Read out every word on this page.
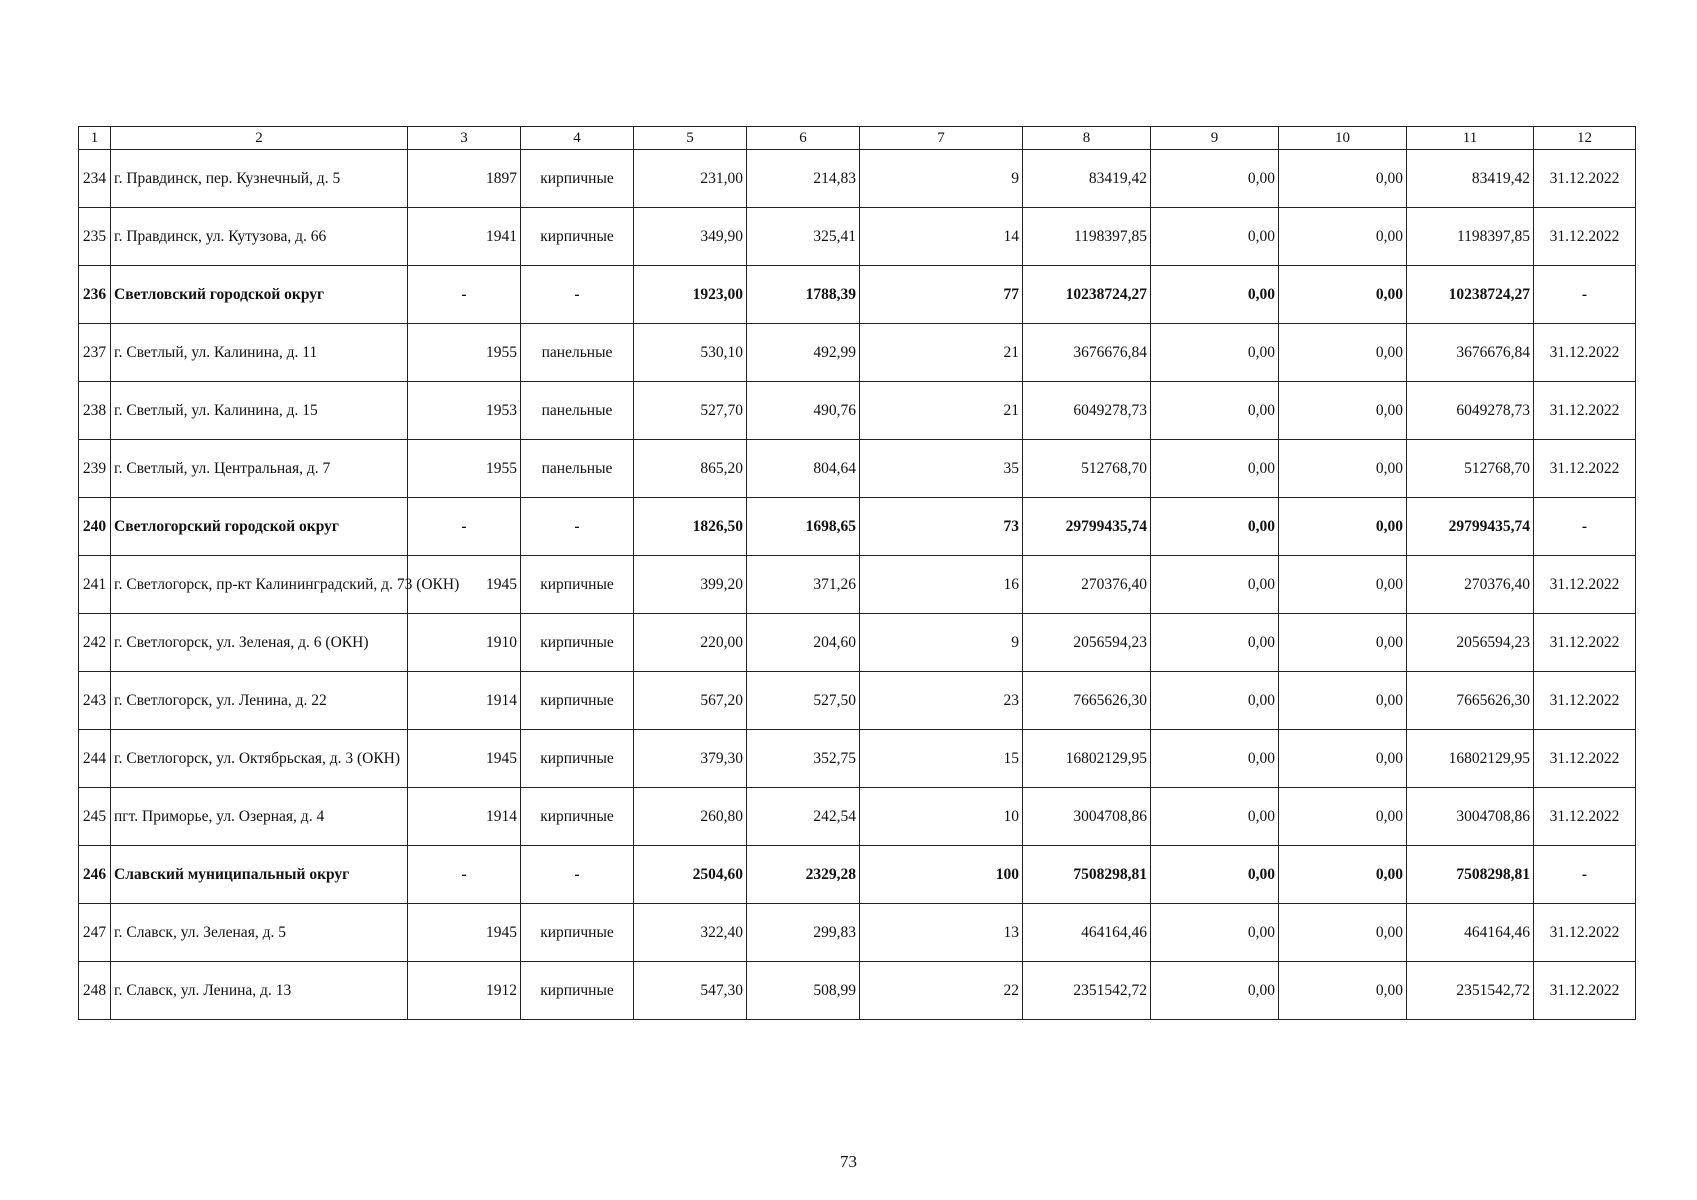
1	2	3	4	5	6	7	8	9	10	11	12
234	г. Правдинск, пер. Кузнечный, д. 5	1897	кирпичные	231,00	214,83	9	83419,42	0,00	0,00	83419,42	31.12.2022
235	г. Правдинск, ул. Кутузова, д. 66	1941	кирпичные	349,90	325,41	14	1198397,85	0,00	0,00	1198397,85	31.12.2022
236	Светловский городской округ	-	-	1923,00	1788,39	77	10238724,27	0,00	0,00	10238724,27	-
237	г. Светлый, ул. Калинина, д. 11	1955	панельные	530,10	492,99	21	3676676,84	0,00	0,00	3676676,84	31.12.2022
238	г. Светлый, ул. Калинина, д. 15	1953	панельные	527,70	490,76	21	6049278,73	0,00	0,00	6049278,73	31.12.2022
239	г. Светлый, ул. Центральная, д. 7	1955	панельные	865,20	804,64	35	512768,70	0,00	0,00	512768,70	31.12.2022
240	Светлогорский городской округ	-	-	1826,50	1698,65	73	29799435,74	0,00	0,00	29799435,74	-
241	г. Светлогорск, пр-кт Калининградский, д. 73 (ОКН)	1945	кирпичные	399,20	371,26	16	270376,40	0,00	0,00	270376,40	31.12.2022
242	г. Светлогорск, ул. Зеленая, д. 6 (ОКН)	1910	кирпичные	220,00	204,60	9	2056594,23	0,00	0,00	2056594,23	31.12.2022
243	г. Светлогорск, ул. Ленина, д. 22	1914	кирпичные	567,20	527,50	23	7665626,30	0,00	0,00	7665626,30	31.12.2022
244	г. Светлогорск, ул. Октябрьская, д. 3 (ОКН)	1945	кирпичные	379,30	352,75	15	16802129,95	0,00	0,00	16802129,95	31.12.2022
245	пгт. Приморье, ул. Озерная, д. 4	1914	кирпичные	260,80	242,54	10	3004708,86	0,00	0,00	3004708,86	31.12.2022
246	Славский муниципальный округ	-	-	2504,60	2329,28	100	7508298,81	0,00	0,00	7508298,81	-
247	г. Славск, ул. Зеленая, д. 5	1945	кирпичные	322,40	299,83	13	464164,46	0,00	0,00	464164,46	31.12.2022
248	г. Славск, ул. Ленина, д. 13	1912	кирпичные	547,30	508,99	22	2351542,72	0,00	0,00	2351542,72	31.12.2022
73
